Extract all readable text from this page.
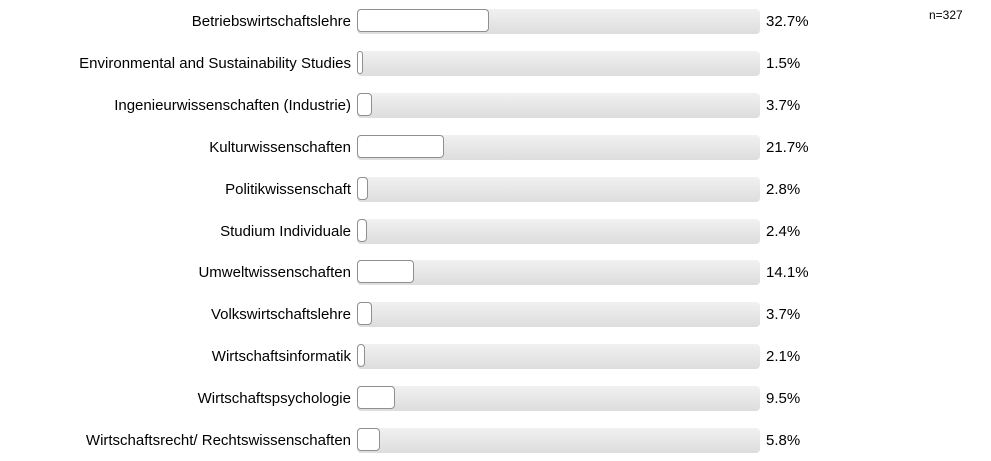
n=327
Betriebswirtschaftslehre	32.7%
Environmental and Sustainability Studies	1.5%
Ingenieurwissenschaften (Industrie)	3.7%
Kulturwissenschaften	21.7%
Politikwissenschaft	2.8%
Studium Individuale	2.4%
Umweltwissenschaften	14.1%
Volkswirtschaftslehre	3.7%
Wirtschaftsinformatik	2.1%
Wirtschaftspsychologie	9.5%
Wirtschaftsrecht/ Rechtswissenschaften	5.8%
